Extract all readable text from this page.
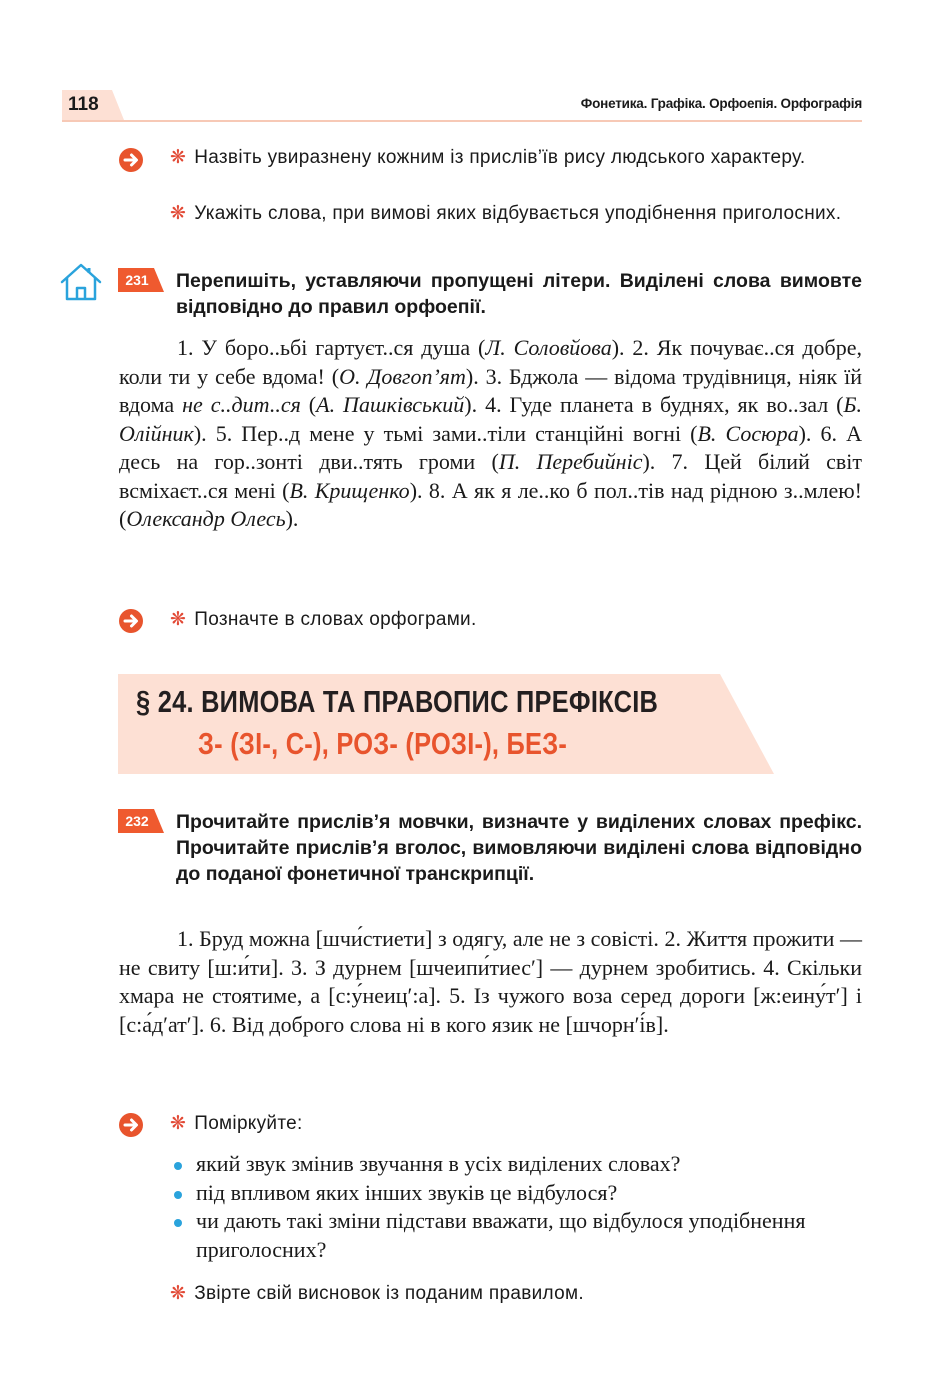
118	Фонетика. Графіка. Орфоепія. Орфографія
❋ Назвіть увиразнену кожним із прислів’їв рису людського характеру.
❋ Укажіть слова, при вимові яких відбувається уподібнення приголосних.
231	Перепишіть, уставляючи пропущені літери. Виділені слова вимовте відповідно до правил орфоепії.

1. У боро..ьбі гартуєт..ся душа (Л. Соловйова). 2. Як почуває..ся добре, коли ти у себе вдома! (О. Довгоп’ят). 3. Бджола — відома трудівниця, ніяк їй вдома не с..дит..ся (А. Пашківський). 4. Гуде планета в буднях, як во..зал (Б. Олійник). 5. Пер..д мене у тьмі зами..тіли станційні вогні (В. Сосюра). 6. А десь на гор..зонті дви..тять громи (П. Перебийніс). 7. Цей білий світ всміхаєт..ся мені (В. Крищенко). 8. А як я ле..ко б пол..тів над рідною з..млею! (Олександр Олесь).

❋ Позначте в словах орфограми.
§ 24. ВИМОВА ТА ПРАВОПИС ПРЕФІКСІВ
З- (ЗІ-, С-), РОЗ- (РОЗІ-), БЕЗ-
232	Прочитайте прислів’я мовчки, визначте у виділених словах префікс. Прочитайте прислів’я вголос, вимовляючи виділені слова відповідно до поданої фонетичної транскрипції.

1. Бруд можна [шчи́стиети] з одягу, але не з совісті. 2. Життя прожити — не свиту [ш:и́ти]. 3. З дурнем [шчеипи́тиес′] — дурнем зробитись. 4. Скільки хмара не стоятиме, а [с:у́неиц′:а]. 5. Із чужого воза серед дороги [ж:еину́т′] і [с:а́д′ат′]. 6. Від доброго слова ні в кого язик не [шчорн′і́в].

❋ Поміркуйте:
який звук змінив звучання в усіх виділених словах?
під впливом яких інших звуків це відбулося?
чи дають такі зміни підстави вважати, що відбулося уподібнення приголосних?
❋ Звірте свій висновок із поданим правилом.
